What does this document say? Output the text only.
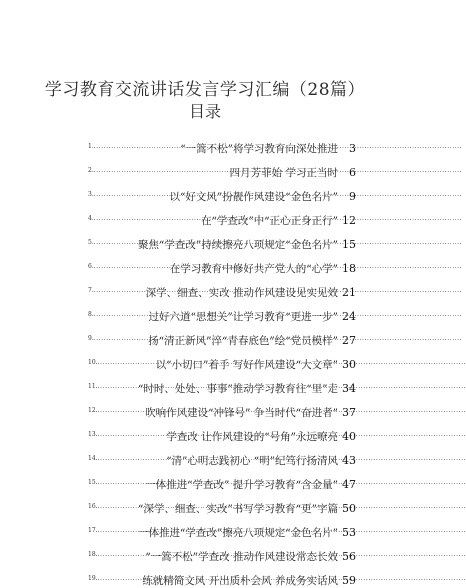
学习教育交流讲话发言学习汇编（28篇）
目录
1. .....	“一篙不松”将学习教育向深处推进	3
2. .....	四月芳菲始 学习正当时	6
3. .....	以“好文风”扮靓作风建设“金色名片”	9
4. .....	在“学查改”中“正心正身正行” 12
5. .....	聚焦“学查改”持续擦亮八项规定“金色名片” 15
6. .....	在学习教育中修好共产党人的“心学” 18
7. .....	深学、细查、实改 推动作风建设见实见效 21
8. .....	过好六道“思想关”让学习教育“更进一步” 24
9. .....	扬“清正新风”淬“青春底色”绘“党员模样” 27
10. .....	以“小切口”着手 写好作风建设“大文章” 30
11. .....	“时时、处处、事事”推动学习教育往“里”走 34
12. .....	吹响作风建设“冲锋号” 争当时代“奋进者” 37
13. .....	学查改 让作风建设的“号角”永远嘹亮 40
14. .....	“清”心明志践初心 “明”纪笃行扬清风 43
15. .....	一体推进“学查改” 提升学习教育“含金量” 47
16. .....	“深学、细查、实改”书写学习教育“更”字篇 50
17. .....	一体推进“学查改”擦亮八项规定“金色名片” 53
18. .....	“一篙不松”学查改 推动作风建设常态长效 56
19. .....	练就精简文风 开出质朴会风 养成务实话风 59
